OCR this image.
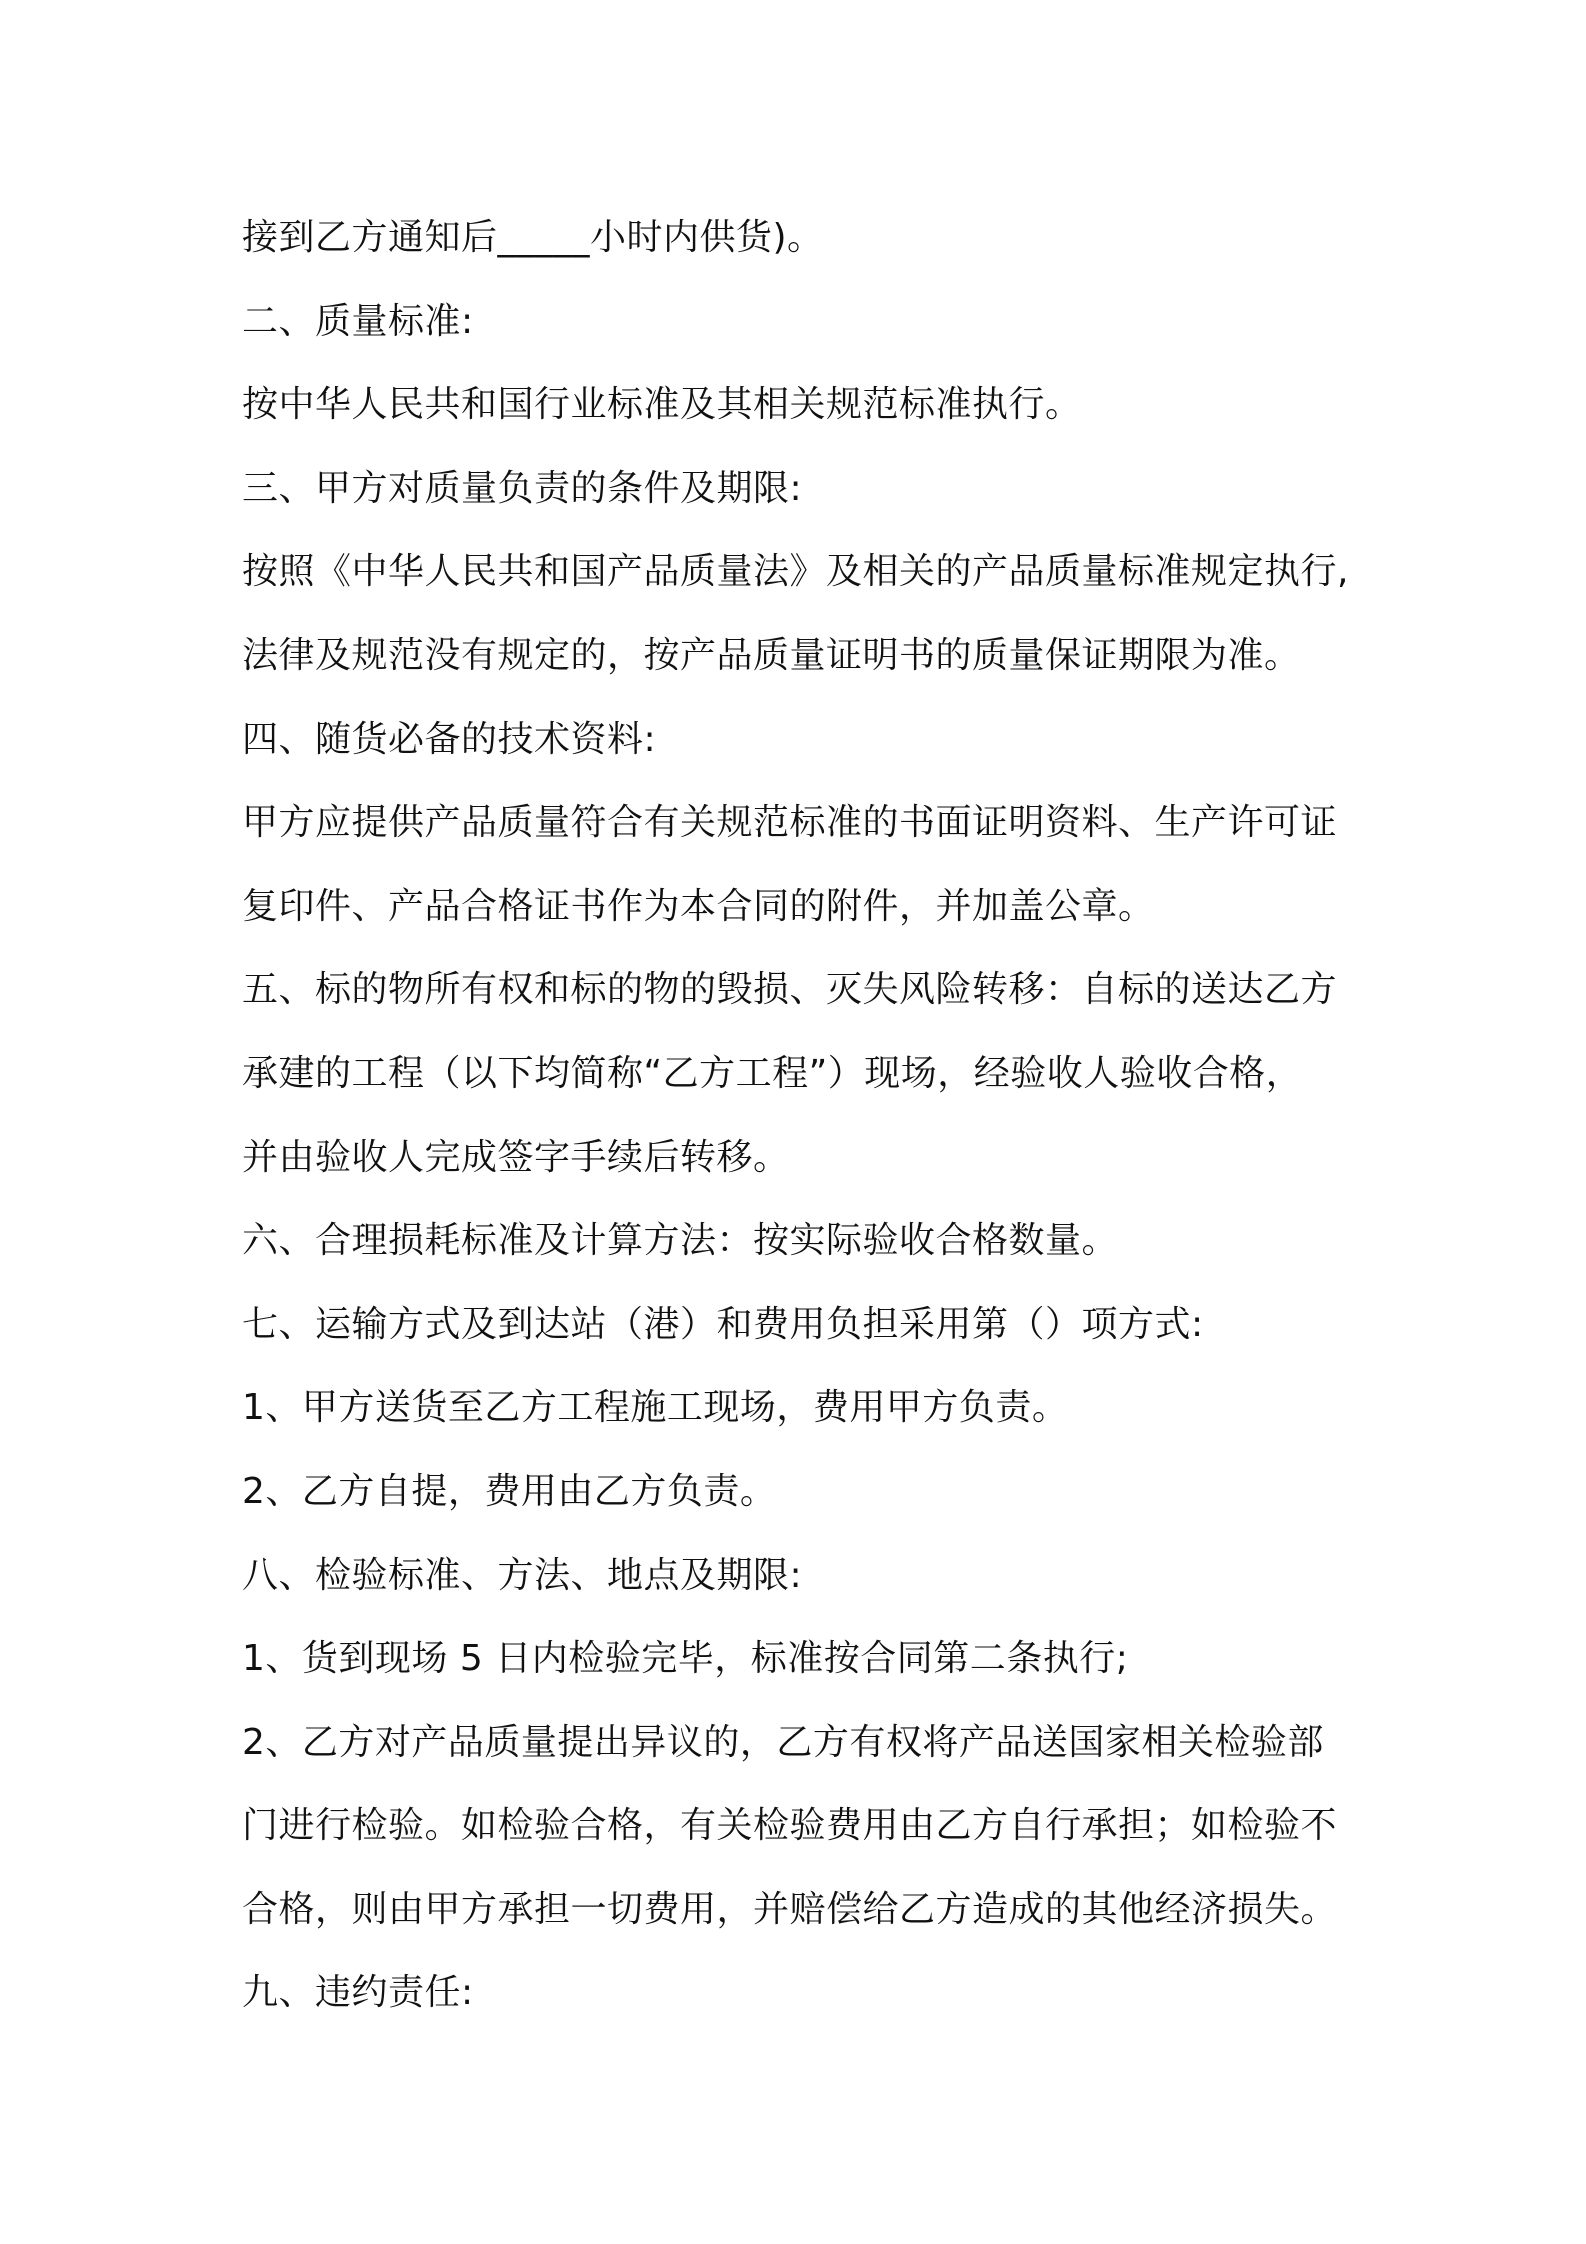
接到乙方通知后_____小时内供货)。
二、质量标准:
按中华人民共和国行业标准及其相关规范标准执行。
三、甲方对质量负责的条件及期限:
按照《中华人民共和国产品质量法》及相关的产品质量标准规定执行,
法律及规范没有规定的，按产品质量证明书的质量保证期限为准。
四、随货必备的技术资料:
甲方应提供产品质量符合有关规范标准的书面证明资料、生产许可证
复印件、产品合格证书作为本合同的附件，并加盖公章。
五、标的物所有权和标的物的毁损、灭失风险转移：自标的送达乙方
承建的工程（以下均简称“乙方工程”）现场，经验收人验收合格，
并由验收人完成签字手续后转移。
六、合理损耗标准及计算方法：按实际验收合格数量。
七、运输方式及到达站（港）和费用负担采用第（）项方式:
1、甲方送货至乙方工程施工现场，费用甲方负责。
2、乙方自提，费用由乙方负责。
八、检验标准、方法、地点及期限:
1、货到现场 5 日内检验完毕，标准按合同第二条执行;
2、乙方对产品质量提出异议的，乙方有权将产品送国家相关检验部
门进行检验。如检验合格，有关检验费用由乙方自行承担；如检验不
合格，则由甲方承担一切费用，并赔偿给乙方造成的其他经济损失。
九、违约责任:
